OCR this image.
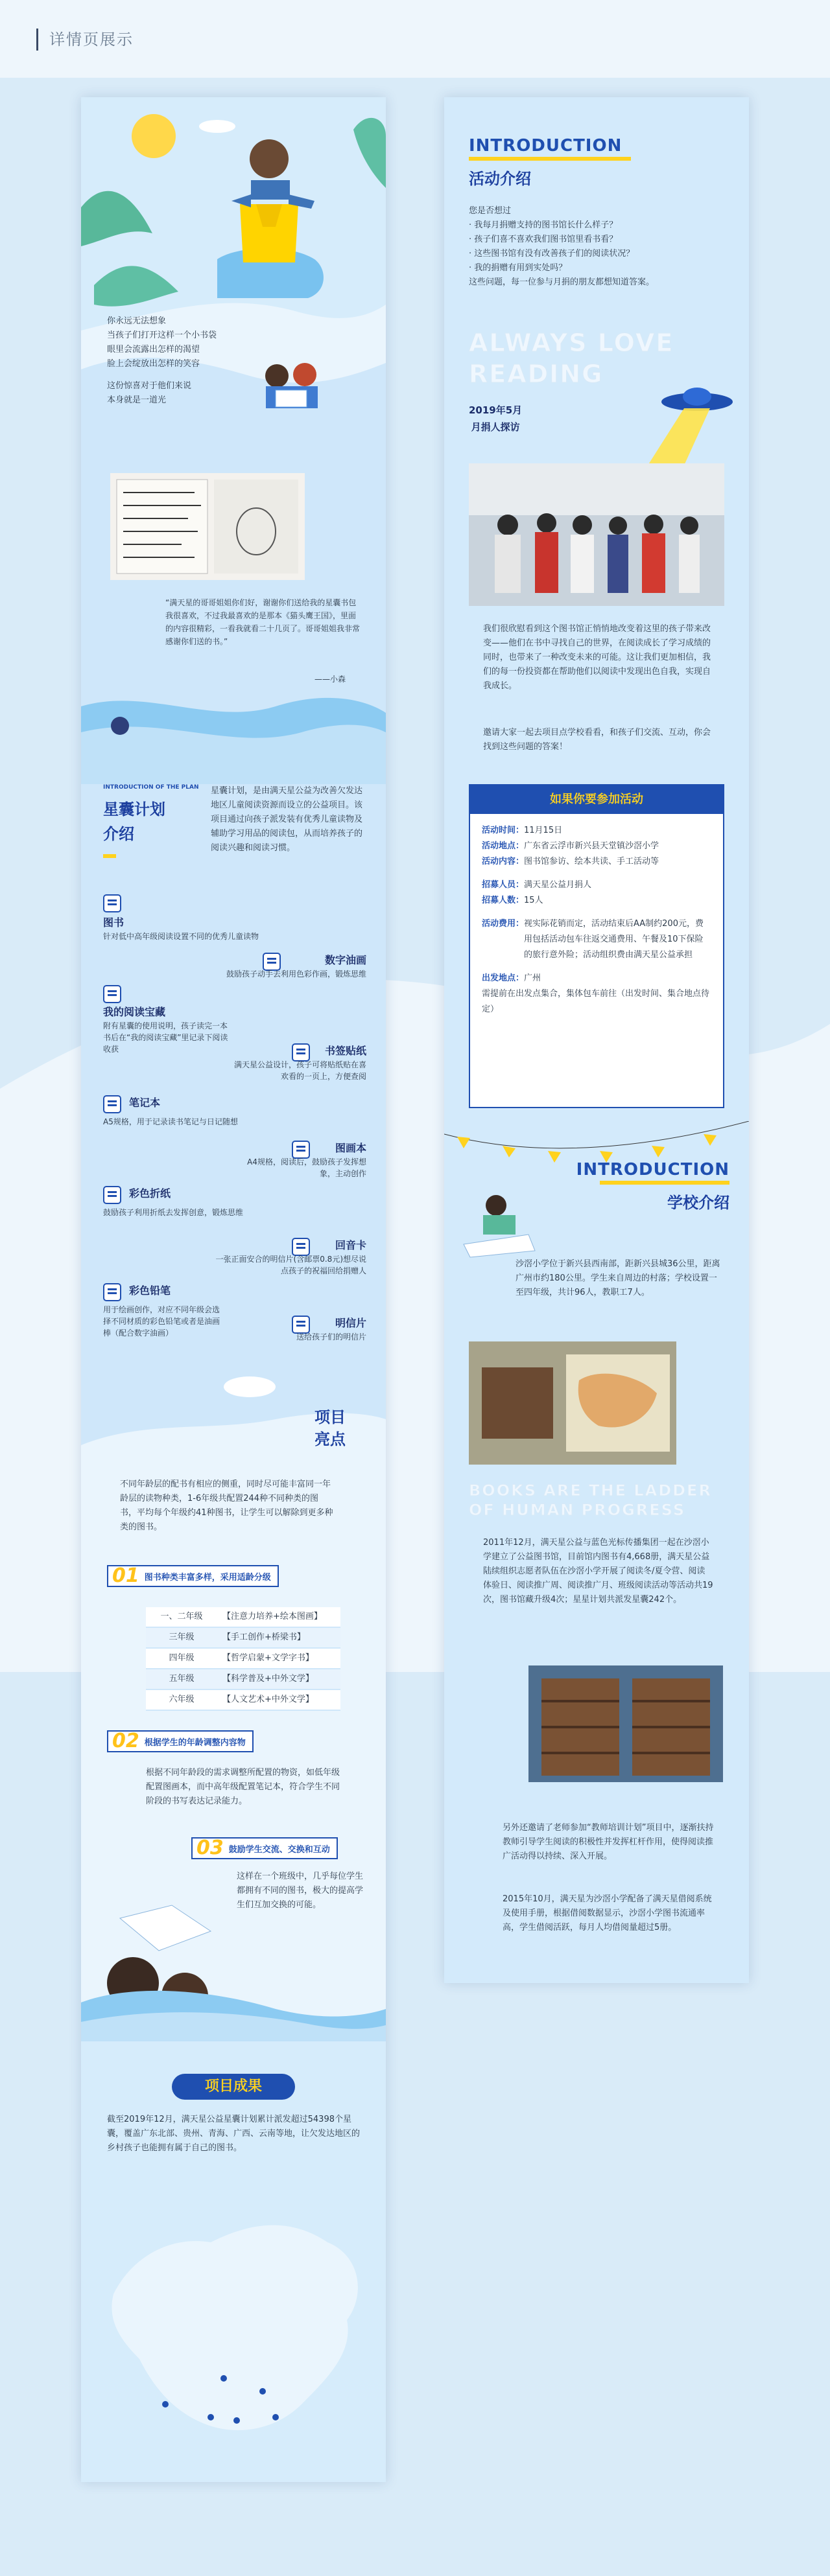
详情页展示
你永远无法想象
当孩子们打开这样一个小书袋
眼里会流露出怎样的渴望
脸上会绽放出怎样的笑容
这份惊喜对于他们来说
本身就是一道光
“满天星的哥哥姐姐你们好，谢谢你们送给我的星囊书包我很喜欢，不过我最喜欢的是那本《猫头鹰王国》，里面的内容很精彩，一看我就看二十几页了。哥哥姐姐我非常感谢你们送的书。”
——小森
INTRODUCTION OF THE PLAN
星囊计划
介绍
星囊计划，是由满天星公益为改善欠发达地区儿童阅读资源而设立的公益项目。该项目通过向孩子派发装有优秀儿童读物及辅助学习用品的阅读包，从而培养孩子的阅读兴趣和阅读习惯。
图书
针对低中高年级阅读设置不同的优秀儿童读物
数字油画
鼓励孩子动手去利用色彩作画，锻炼思维
我的阅读宝藏
附有星囊的使用说明，孩子读完一本书后在“我的阅读宝藏”里记录下阅读收获	书签贴纸
满天星公益设计，孩子可将贴纸贴在喜欢看的一页上，方便查阅
笔记本
A5规格，用于记录读书笔记与日记随想
图画本
A4规格，阅读后，鼓励孩子发挥想象，主动创作
彩色折纸
鼓励孩子利用折纸去发挥创意，锻炼思维
回音卡
一张正面安合的明信片(含邮票0.8元)想尽说点孩子的祝福回给捐赠人
彩色铅笔
用于绘画创作，对应不同年级会选择不同材质的彩色铅笔或者是油画棒（配合数字油画）
明信片
送给孩子们的明信片
项目
亮点
不同年龄层的配书有相应的侧重，同时尽可能丰富同一年龄层的读物种类，1-6年级共配置244种不同种类的图书，平均每个年级约41种图书，让学生可以解除到更多种类的图书。
01 图书种类丰富多样，采用适龄分级
一、二年级	【注意力培养+绘本图画】
三年级	【手工创作+桥梁书】
四年级	【哲学启蒙+文学字书】
五年级	【科学普及+中外文学】
六年级	【人文艺术+中外文学】
02 根据学生的年龄调整内容物
根据不同年龄段的需求调整所配置的物资，如低年级配置图画本，而中高年级配置笔记本，符合学生不同阶段的书写表达记录能力。
03 鼓励学生交流、交换和互动
这样在一个班级中，几乎每位学生都拥有不同的图书，极大的提高学生们互加交换的可能。
项目成果
截至2019年12月，满天星公益星囊计划累计派发超过54398个星囊，覆盖广东北部、贵州、青海、广西、云南等地，让欠发达地区的乡村孩子也能拥有属于自己的图书。
INTRODUCTION
活动介绍
您是否想过
· 我每月捐赠支持的图书馆长什么样子？
· 孩子们喜不喜欢我们图书馆里看书看？
· 这些图书馆有没有改善孩子们的阅读状况？
· 我的捐赠有用到实处吗？
这些问题，每一位参与月捐的朋友都想知道答案。
ALWAYS LOVE
READING
2019年5月
月捐人探访
我们很欣慰看到这个图书馆正悄悄地改变着这里的孩子带来改变——他们在书中寻找自己的世界，在阅读成长了学习成绩的同时，也带来了一种改变未来的可能。这让我们更加相信，我们的每一份投资都在帮助他们以阅读中发现出色自我，实现自我成长。
邀请大家一起去项目点学校看看，和孩子们交流、互动，你会找到这些问题的答案！
如果你要参加活动
活动时间：11月15日
活动地点：广东省云浮市新兴县天堂镇沙滘小学
活动内容：图书馆参访、绘本共读、手工活动等
招募人员：满天星公益月捐人
招募人数：15人
活动费用： 视实际花销而定，活动结束后AA制约200元，费用包括活动包车往返交通费用、午餐及10下保险的旅行意外险；活动组织费由满天星公益承担
出发地点：广州
需提前在出发点集合，集体包车前往（出发时间、集合地点待定）
INTRODUCTION
学校介绍
沙滘小学位于新兴县西南部，距新兴县城36公里，距离广州市约180公里。学生来自周边的村落；学校设置一至四年级，共计96人，教职工7人。
BOOKS ARE THE LADDER
OF HUMAN PROGRESS
2011年12月，满天星公益与蓝色光标传播集团一起在沙滘小学建立了公益图书馆，目前馆内图书有4,668册，满天星公益陆续组织志愿者队伍在沙滘小学开展了阅读冬/夏令营、阅读体验日、阅读推广周、阅读推广月、班级阅读活动等活动共19次，图书馆藏升级4次；星星计划共派发星囊242个。
另外还邀请了老师参加“教师培训计划”项目中，逐渐扶持教师引导学生阅读的积极性并发挥杠杆作用，使得阅读推广活动得以持续、深入开展。
2015年10月，满天星为沙滘小学配备了满天星借阅系统及使用手册，根据借阅数据显示，沙滘小学图书流通率高，学生借阅活跃，每月人均借阅量超过5册。
